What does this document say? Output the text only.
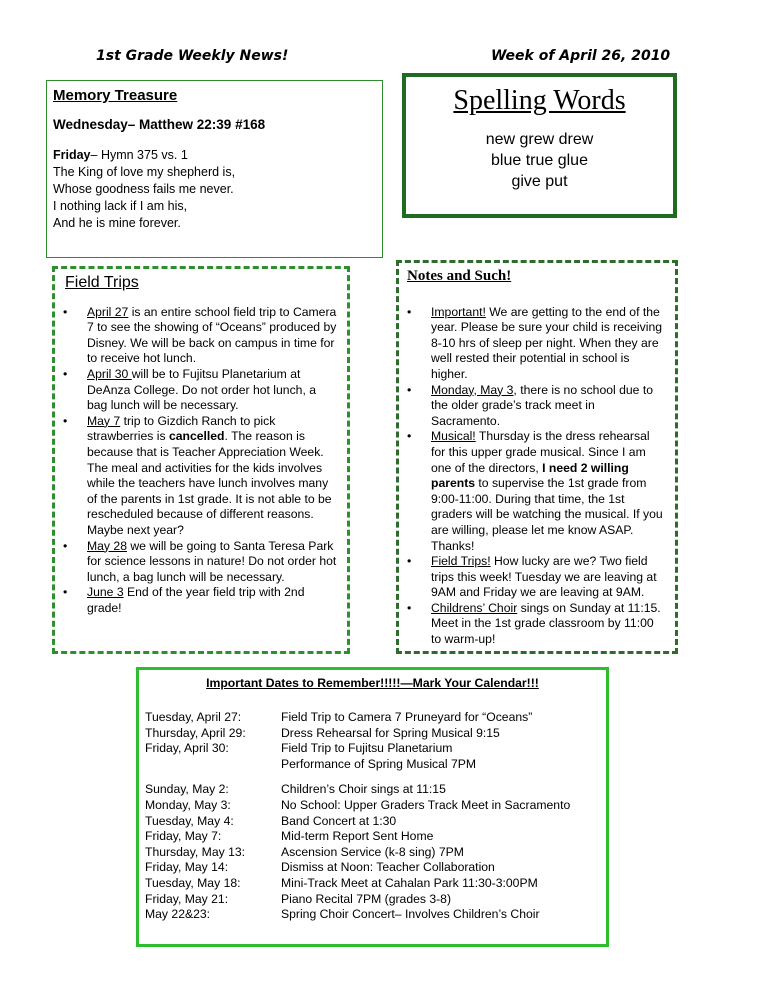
1st Grade Weekly News!	Week of April 26, 2010
Memory Treasure
Wednesday– Matthew 22:39 #168
Friday– Hymn 375 vs. 1
The King of love my shepherd is,
Whose goodness fails me never.
I nothing lack if I am his,
And he is mine forever.
Spelling Words
new grew drew
blue true glue
give put
Field Trips
• April 27 is an entire school field trip to Camera 7 to see the showing of “Oceans” produced by Disney. We will be back on campus in time for to receive hot lunch.
• April 30 will be to Fujitsu Planetarium at DeAnza College. Do not order hot lunch, a bag lunch will be necessary.
• May 7 trip to Gizdich Ranch to pick strawberries is cancelled. The reason is because that is Teacher Appreciation Week. The meal and activities for the kids involves while the teachers have lunch involves many of the parents in 1st grade. It is not able to be rescheduled because of different reasons. Maybe next year?
• May 28 we will be going to Santa Teresa Park for science lessons in nature! Do not order hot lunch, a bag lunch will be necessary.
• June 3 End of the year field trip with 2nd grade!
Notes and Such!
• Important! We are getting to the end of the year. Please be sure your child is receiving 8-10 hrs of sleep per night. When they are well rested their potential in school is higher.
• Monday, May 3, there is no school due to the older grade’s track meet in Sacramento.
• Musical! Thursday is the dress rehearsal for this upper grade musical. Since I am one of the directors, I need 2 willing parents to supervise the 1st grade from 9:00-11:00. During that time, the 1st graders will be watching the musical. If you are willing, please let me know ASAP. Thanks!
• Field Trips! How lucky are we? Two field trips this week! Tuesday we are leaving at 9AM and Friday we are leaving at 9AM.
• Childrens’ Choir sings on Sunday at 11:15. Meet in the 1st grade classroom by 11:00 to warm-up!
Important Dates to Remember!!!!!—Mark Your Calendar!!!
Tuesday, April 27:	Field Trip to Camera 7 Pruneyard for “Oceans”
Thursday, April 29:	Dress Rehearsal for Spring Musical 9:15
Friday, April 30:	Field Trip to Fujitsu Planetarium
Performance of Spring Musical 7PM
Sunday, May 2:	Children’s Choir sings at 11:15
Monday, May 3:	No School: Upper Graders Track Meet in Sacramento
Tuesday, May 4:	Band Concert at 1:30
Friday, May 7:	Mid-term Report Sent Home
Thursday, May 13:	Ascension Service (k-8 sing) 7PM
Friday, May 14:	Dismiss at Noon: Teacher Collaboration
Tuesday, May 18:	Mini-Track Meet at Cahalan Park 11:30-3:00PM
Friday, May 21:	Piano Recital 7PM (grades 3-8)
May 22&23:	Spring Choir Concert– Involves Children’s Choir
